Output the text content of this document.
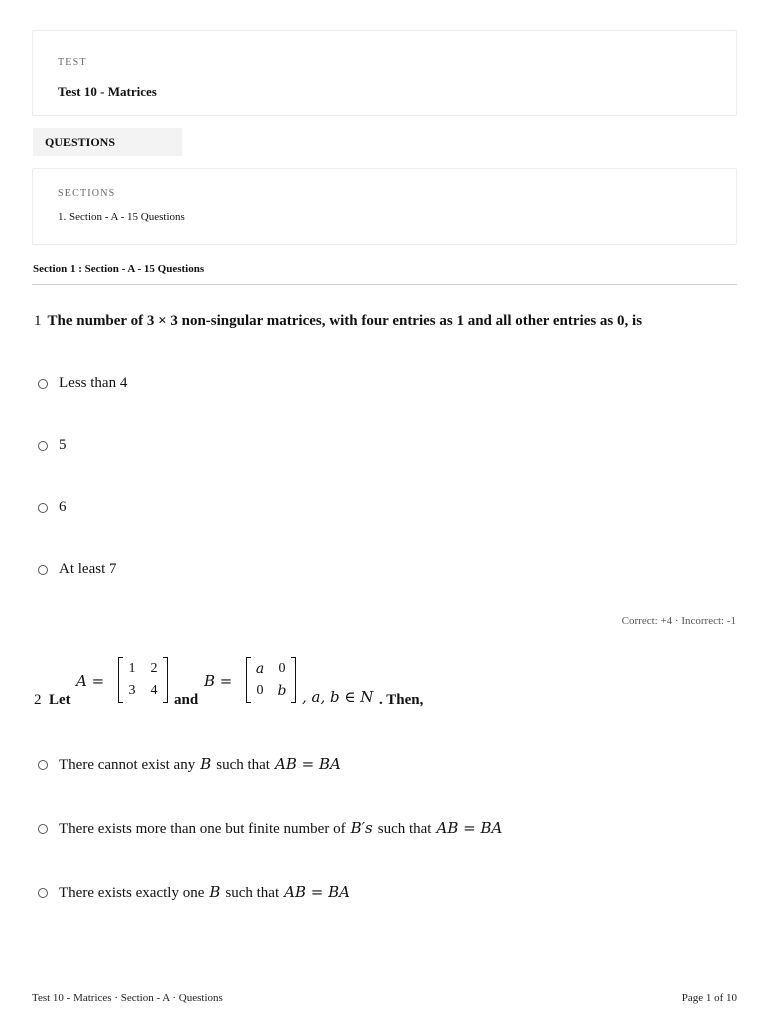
TEST
Test 10 - Matrices
QUESTIONS
SECTIONS
1. Section - A - 15 Questions
Section 1 : Section - A - 15 Questions
1 The number of 3 × 3 non-singular matrices, with four entries as 1 and all other entries as 0, is
Less than 4
5
6
At least 7
Correct: +4 · Incorrect: -1
2 Let
A =
1 2
3 4
and
B =
a 0
0 b , a, b ∈ N . Then,
There cannot exist any B such that AB = BA
There exists more than one but finite number of B′s such that AB = BA
There exists exactly one B such that AB = BA
Test 10 - Matrices · Section - A · Questions	Page 1 of 10
